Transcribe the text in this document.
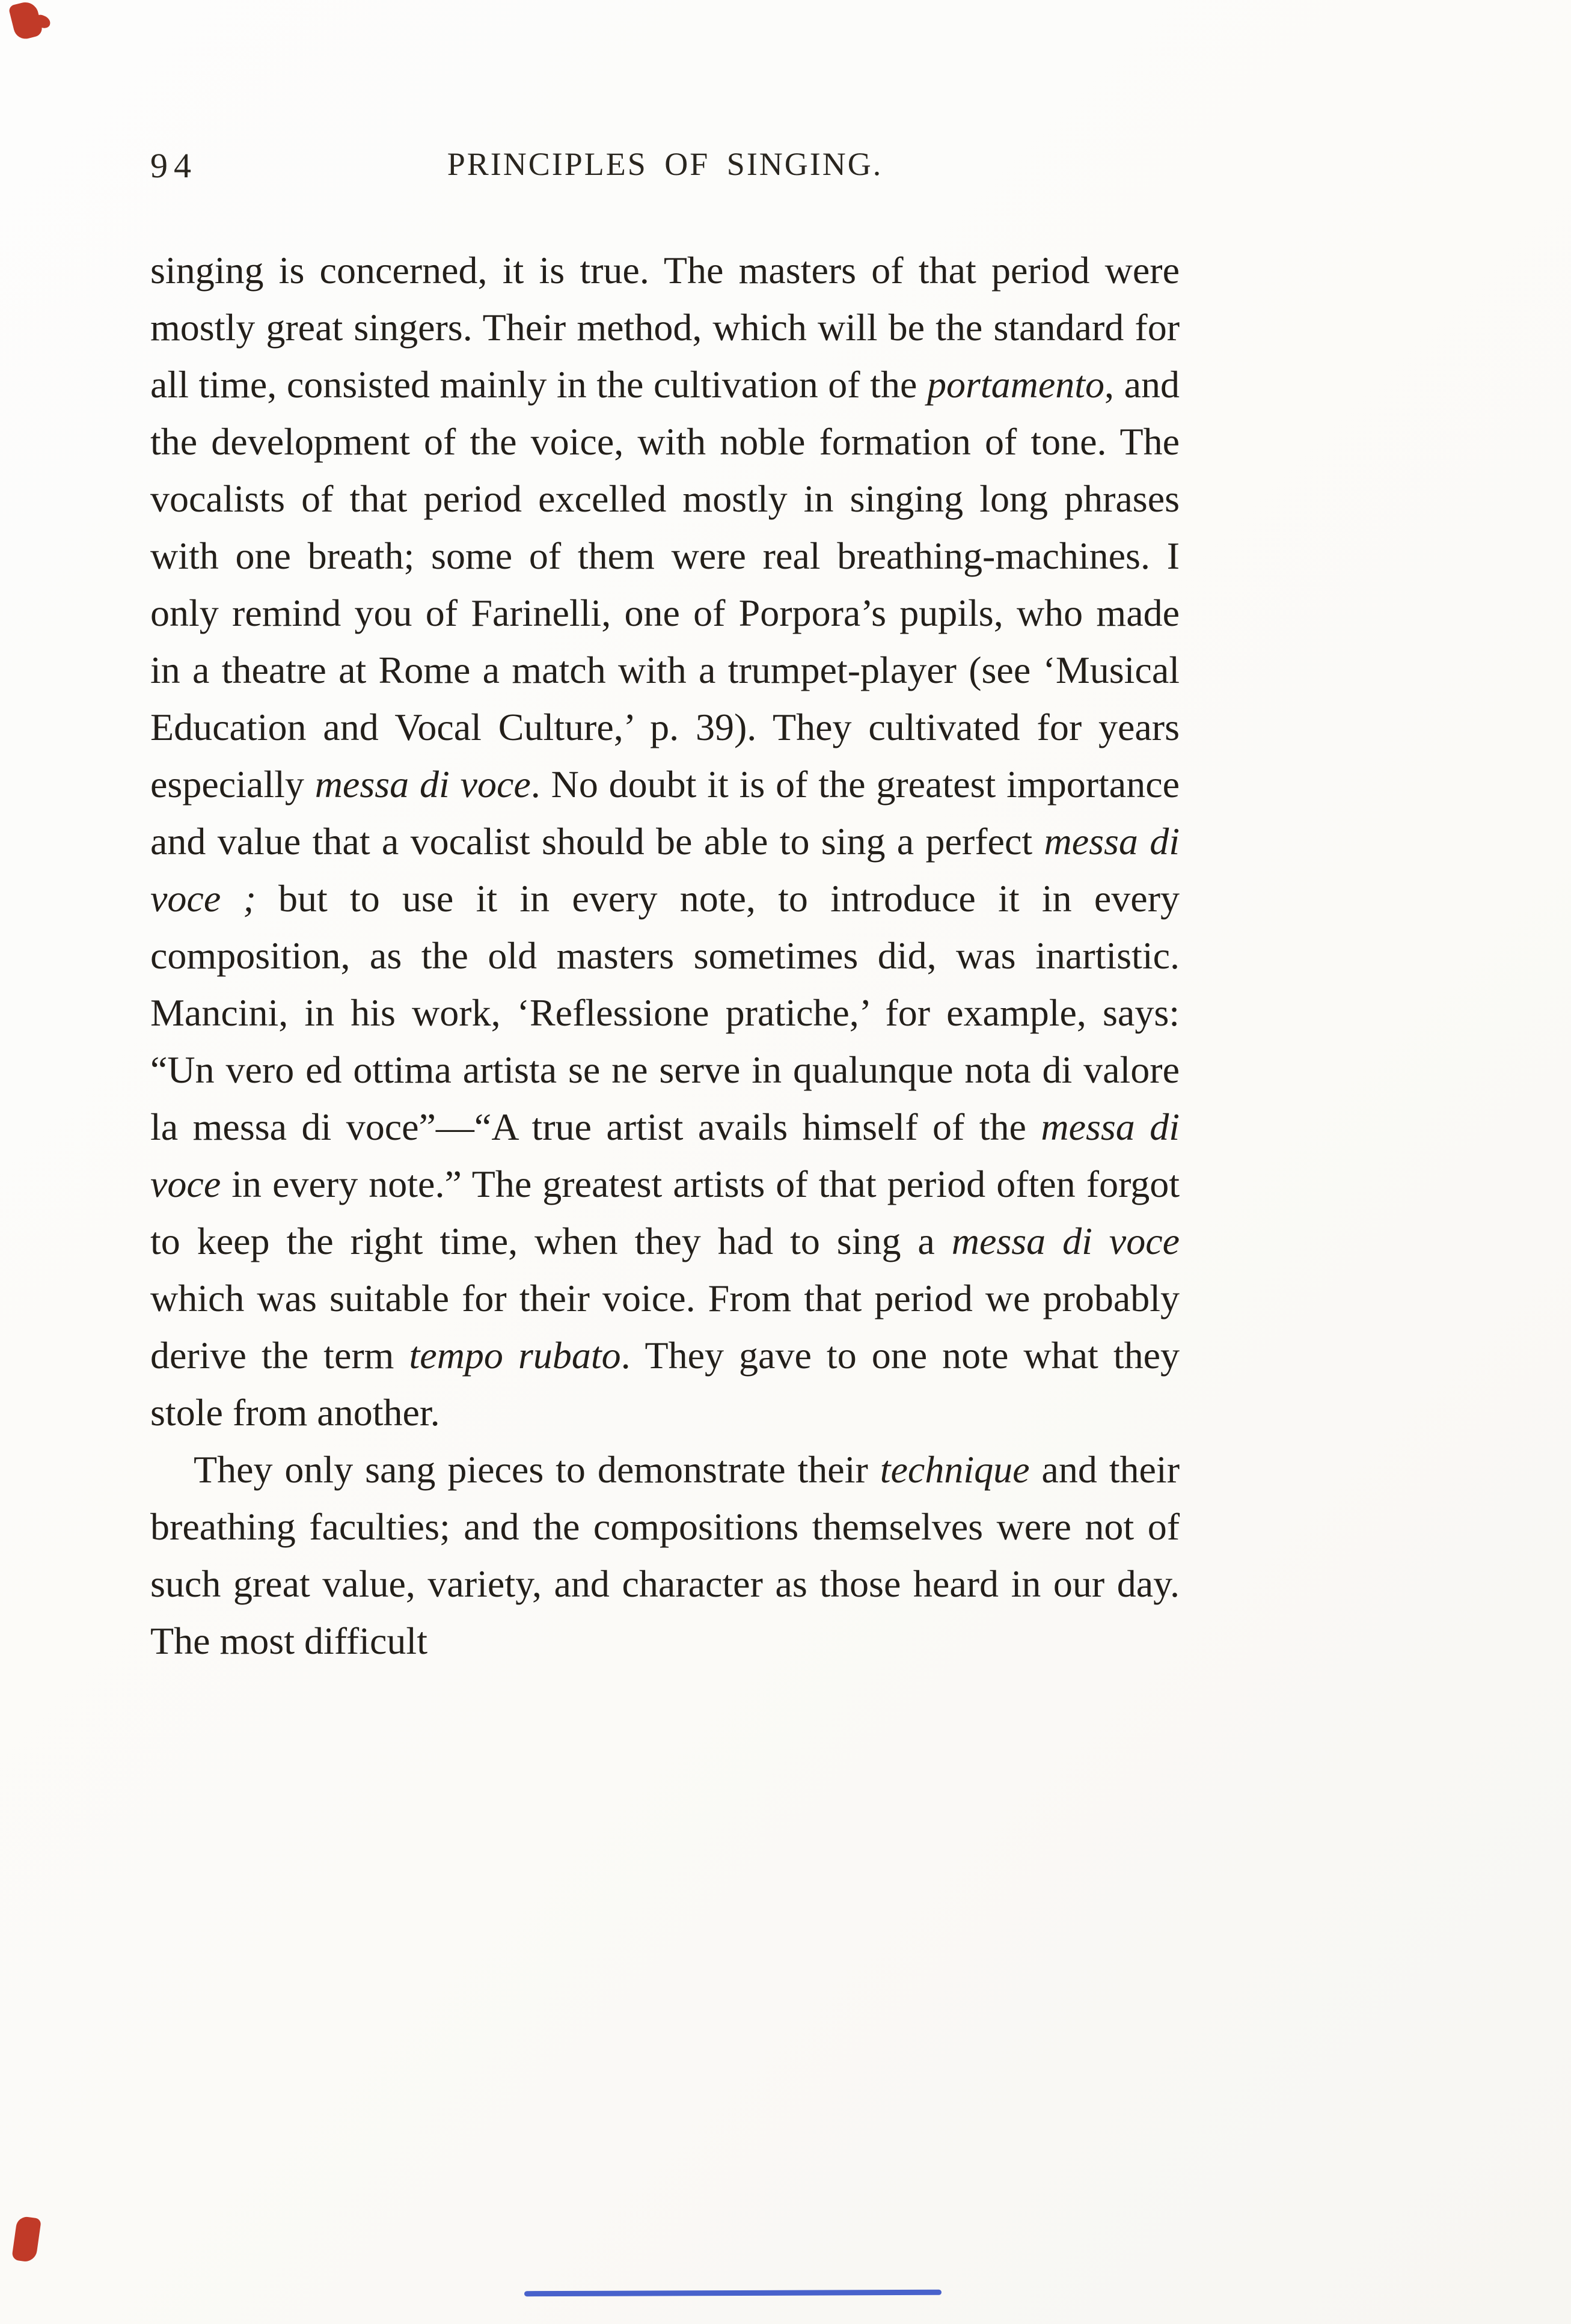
94	PRINCIPLES OF SINGING.

singing is concerned, it is true. The masters of that period were mostly great singers. Their method, which will be the standard for all time, consisted mainly in the cultivation of the portamento, and the development of the voice, with noble formation of tone. The vocalists of that period excelled mostly in singing long phrases with one breath; some of them were real breathing-machines. I only remind you of Farinelli, one of Porpora’s pupils, who made in a theatre at Rome a match with a trumpet-player (see ‘Musical Education and Vocal Culture,’ p. 39). They cultivated for years especially messa di voce. No doubt it is of the greatest importance and value that a vocalist should be able to sing a perfect messa di voce ; but to use it in every note, to introduce it in every composition, as the old masters sometimes did, was inartistic. Mancini, in his work, ‘Reflessione pratiche,’ for example, says: “Un vero ed ottima artista se ne serve in qualunque nota di valore la messa di voce”—“A true artist avails himself of the messa di voce in every note.” The greatest artists of that period often forgot to keep the right time, when they had to sing a messa di voce which was suitable for their voice. From that period we probably derive the term tempo rubato. They gave to one note what they stole from another.

They only sang pieces to demonstrate their technique and their breathing faculties; and the compositions themselves were not of such great value, variety, and character as those heard in our day. The most difficult
